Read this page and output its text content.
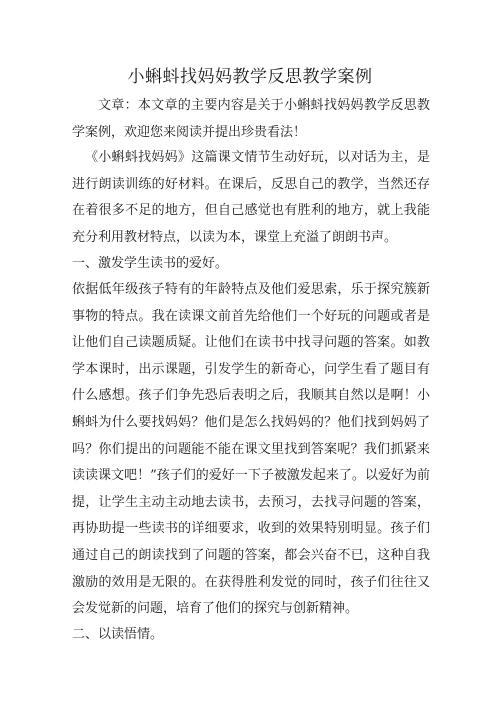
小蝌蚪找妈妈教学反思教学案例

文章：本文章的主要内容是关于小蝌蚪找妈妈教学反思教学案例，欢迎您来阅读并提出珍贵看法！

《小蝌蚪找妈妈》这篇课文情节生动好玩，以对话为主，是进行朗读训练的好材料。在课后，反思自己的教学，当然还存在着很多不足的地方，但自己感觉也有胜利的地方，就上我能充分利用教材特点，以读为本，课堂上充溢了朗朗书声。

一、激发学生读书的爱好。

依据低年级孩子特有的年龄特点及他们爱思索，乐于探究簇新事物的特点。我在读课文前首先给他们一个好玩的问题或者是让他们自己读题质疑。让他们在读书中找寻问题的答案。如教学本课时，出示课题，引发学生的新奇心，问学生看了题目有什么感想。孩子们争先恐后表明之后，我顺其自然以是啊！小蝌蚪为什么要找妈妈？他们是怎么找妈妈的？他们找到妈妈了吗？你们提出的问题能不能在课文里找到答案呢？我们抓紧来读读课文吧！”孩子们的爱好一下子被激发起来了。以爱好为前提，让学生主动主动地去读书，去预习，去找寻问题的答案，再协助提一些读书的详细要求，收到的效果特别明显。孩子们通过自己的朗读找到了问题的答案，都会兴奋不已，这种自我激励的效用是无限的。在获得胜利发觉的同时，孩子们往往又会发觉新的问题，培育了他们的探究与创新精神。

二、以读悟情。
